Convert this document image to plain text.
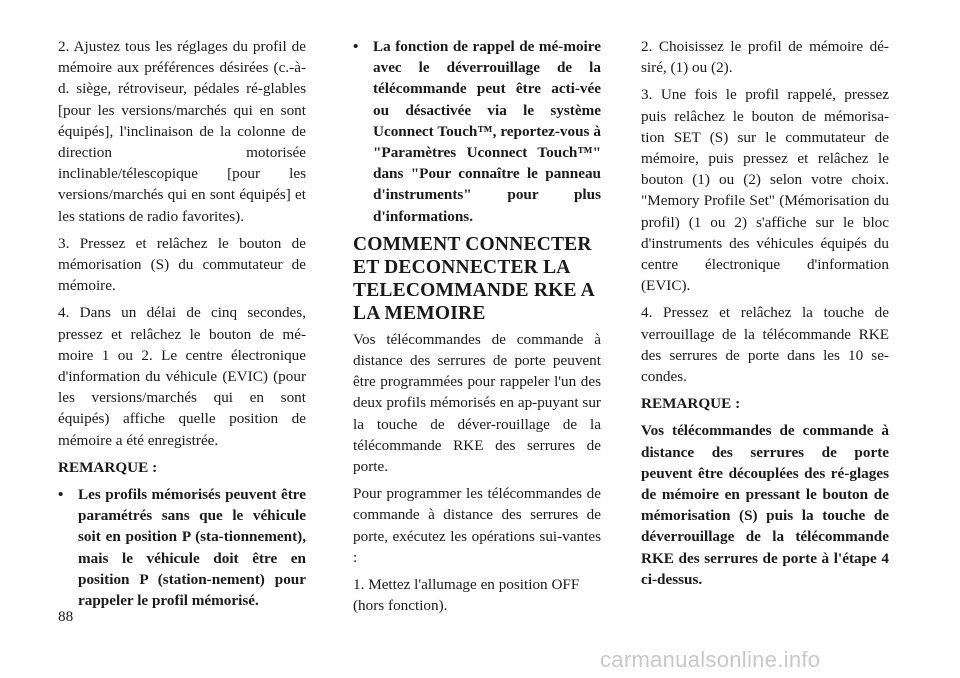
2. Ajustez tous les réglages du profil de mémoire aux préférences désirées (c.-à-d. siège, rétroviseur, pédales ré-glables [pour les versions/marchés qui en sont équipés], l'inclinaison de la colonne de direction motorisée inclinable/télescopique [pour les versions/marchés qui en sont équipés] et les stations de radio favorites).

3. Pressez et relâchez le bouton de mémorisation (S) du commutateur de mémoire.

4. Dans un délai de cinq secondes, pressez et relâchez le bouton de mé-moire 1 ou 2. Le centre électronique d'information du véhicule (EVIC) (pour les versions/marchés qui en sont équipés) affiche quelle position de mémoire a été enregistrée.

REMARQUE :

• Les profils mémorisés peuvent être paramétrés sans que le véhicule soit en position P (sta-tionnement), mais le véhicule doit être en position P (station-nement) pour rappeler le profil mémorisé.
• La fonction de rappel de mé-moire avec le déverrouillage de la télécommande peut être acti-vée ou désactivée via le système Uconnect Touch™, reportez-vous à "Paramètres Uconnect Touch™" dans "Pour connaître le panneau d'instruments" pour plus d'informations.
COMMENT CONNECTER ET DECONNECTER LA TELECOMMANDE RKE A LA MEMOIRE

Vos télécommandes de commande à distance des serrures de porte peuvent être programmées pour rappeler l'un des deux profils mémorisés en ap-puyant sur la touche de déver-rouillage de la télécommande RKE des serrures de porte.

Pour programmer les télécommandes de commande à distance des serrures de porte, exécutez les opérations sui-vantes :

1. Mettez l'allumage en position OFF (hors fonction).

2. Choisissez le profil de mémoire dé-siré, (1) ou (2).

3. Une fois le profil rappelé, pressez puis relâchez le bouton de mémorisa-tion SET (S) sur le commutateur de mémoire, puis pressez et relâchez le bouton (1) ou (2) selon votre choix. "Memory Profile Set" (Mémorisation du profil) (1 ou 2) s'affiche sur le bloc d'instruments des véhicules équipés du centre électronique d'information (EVIC).

4. Pressez et relâchez la touche de verrouillage de la télécommande RKE des serrures de porte dans les 10 se-condes.

REMARQUE :

Vos télécommandes de commande à distance des serrures de porte peuvent être découplées des ré-glages de mémoire en pressant le bouton de mémorisation (S) puis la touche de déverrouillage de la télécommande RKE des serrures de porte à l'étape 4 ci-dessus.

88
carmanualsonline.info
